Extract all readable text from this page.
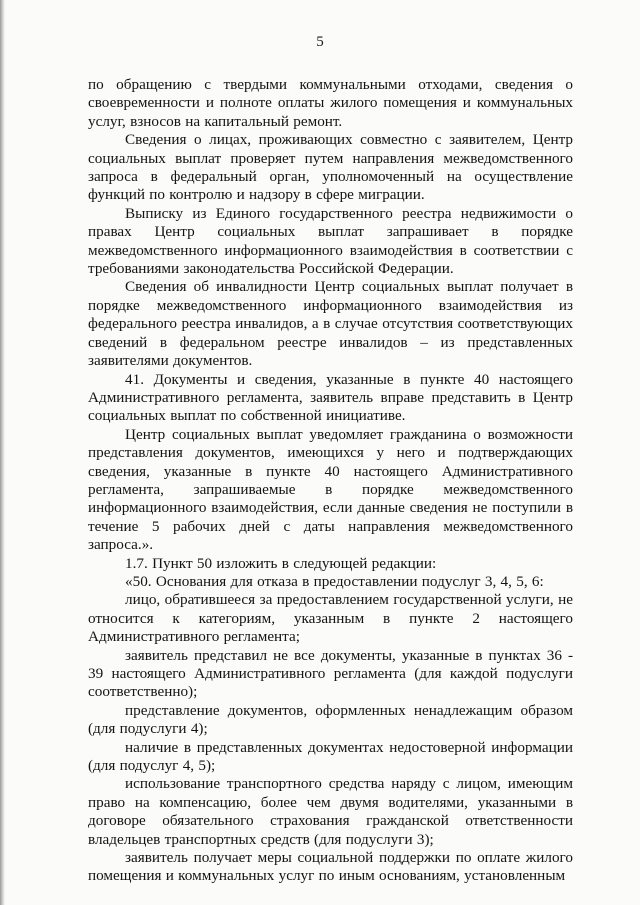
5

по обращению с твердыми коммунальными отходами, сведения о своевременности и полноте оплаты жилого помещения и коммунальных услуг, взносов на капитальный ремонт.

Сведения о лицах, проживающих совместно с заявителем, Центр социальных выплат проверяет путем направления межведомственного запроса в федеральный орган, уполномоченный на осуществление функций по контролю и надзору в сфере миграции.

Выписку из Единого государственного реестра недвижимости о правах Центр социальных выплат запрашивает в порядке межведомственного информационного взаимодействия в соответствии с требованиями законодательства Российской Федерации.

Сведения об инвалидности Центр социальных выплат получает в порядке межведомственного информационного взаимодействия из федерального реестра инвалидов, а в случае отсутствия соответствующих сведений в федеральном реестре инвалидов – из представленных заявителями документов.

41. Документы и сведения, указанные в пункте 40 настоящего Административного регламента, заявитель вправе представить в Центр социальных выплат по собственной инициативе.

Центр социальных выплат уведомляет гражданина о возможности представления документов, имеющихся у него и подтверждающих сведения, указанные в пункте 40 настоящего Административного регламента, запрашиваемые в порядке межведомственного информационного взаимодействия, если данные сведения не поступили в течение 5 рабочих дней с даты направления межведомственного запроса.».

1.7. Пункт 50 изложить в следующей редакции:

«50. Основания для отказа в предоставлении подуслуг 3, 4, 5, 6:

лицо, обратившееся за предоставлением государственной услуги, не относится к категориям, указанным в пункте 2 настоящего Административного регламента;

заявитель представил не все документы, указанные в пунктах 36 - 39 настоящего Административного регламента (для каждой подуслуги соответственно);

представление документов, оформленных ненадлежащим образом (для подуслуги 4);

наличие в представленных документах недостоверной информации (для подуслуг 4, 5);

использование транспортного средства наряду с лицом, имеющим право на компенсацию, более чем двумя водителями, указанными в договоре обязательного страхования гражданской ответственности владельцев транспортных средств (для подуслуги 3);

заявитель получает меры социальной поддержки по оплате жилого помещения и коммунальных услуг по иным основаниям, установленным
